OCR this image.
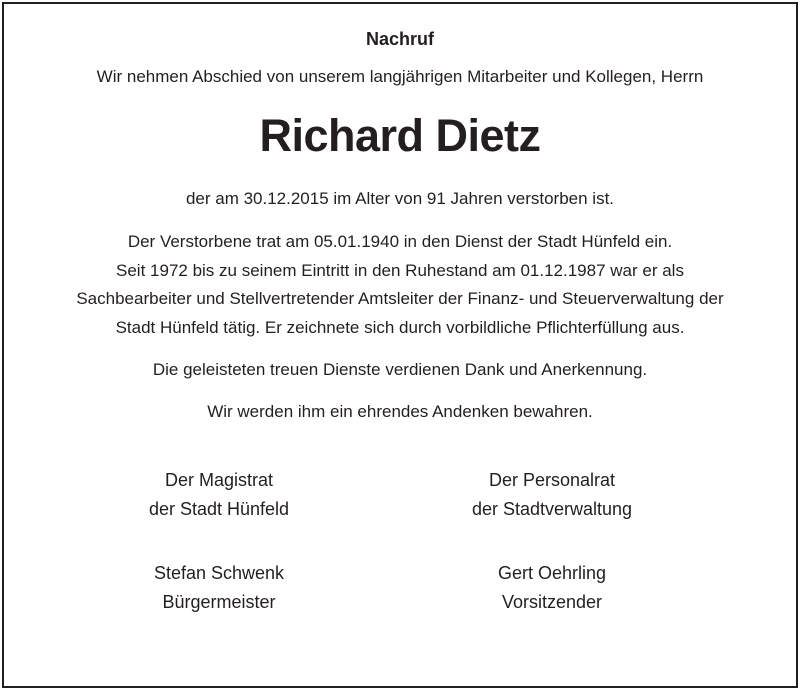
Nachruf
Wir nehmen Abschied von unserem langjährigen Mitarbeiter und Kollegen, Herrn
Richard Dietz
der am 30.12.2015 im Alter von 91 Jahren verstorben ist.
Der Verstorbene trat am 05.01.1940 in den Dienst der Stadt Hünfeld ein.
Seit 1972 bis zu seinem Eintritt in den Ruhestand am 01.12.1987 war er als
Sachbearbeiter und Stellvertretender Amtsleiter der Finanz- und Steuerverwaltung der
Stadt Hünfeld tätig. Er zeichnete sich durch vorbildliche Pflichterfüllung aus.
Die geleisteten treuen Dienste verdienen Dank und Anerkennung.
Wir werden ihm ein ehrendes Andenken bewahren.
Der Magistrat
der Stadt Hünfeld
Stefan Schwenk
Bürgermeister
Der Personalrat
der Stadtverwaltung
Gert Oehrling
Vorsitzender
